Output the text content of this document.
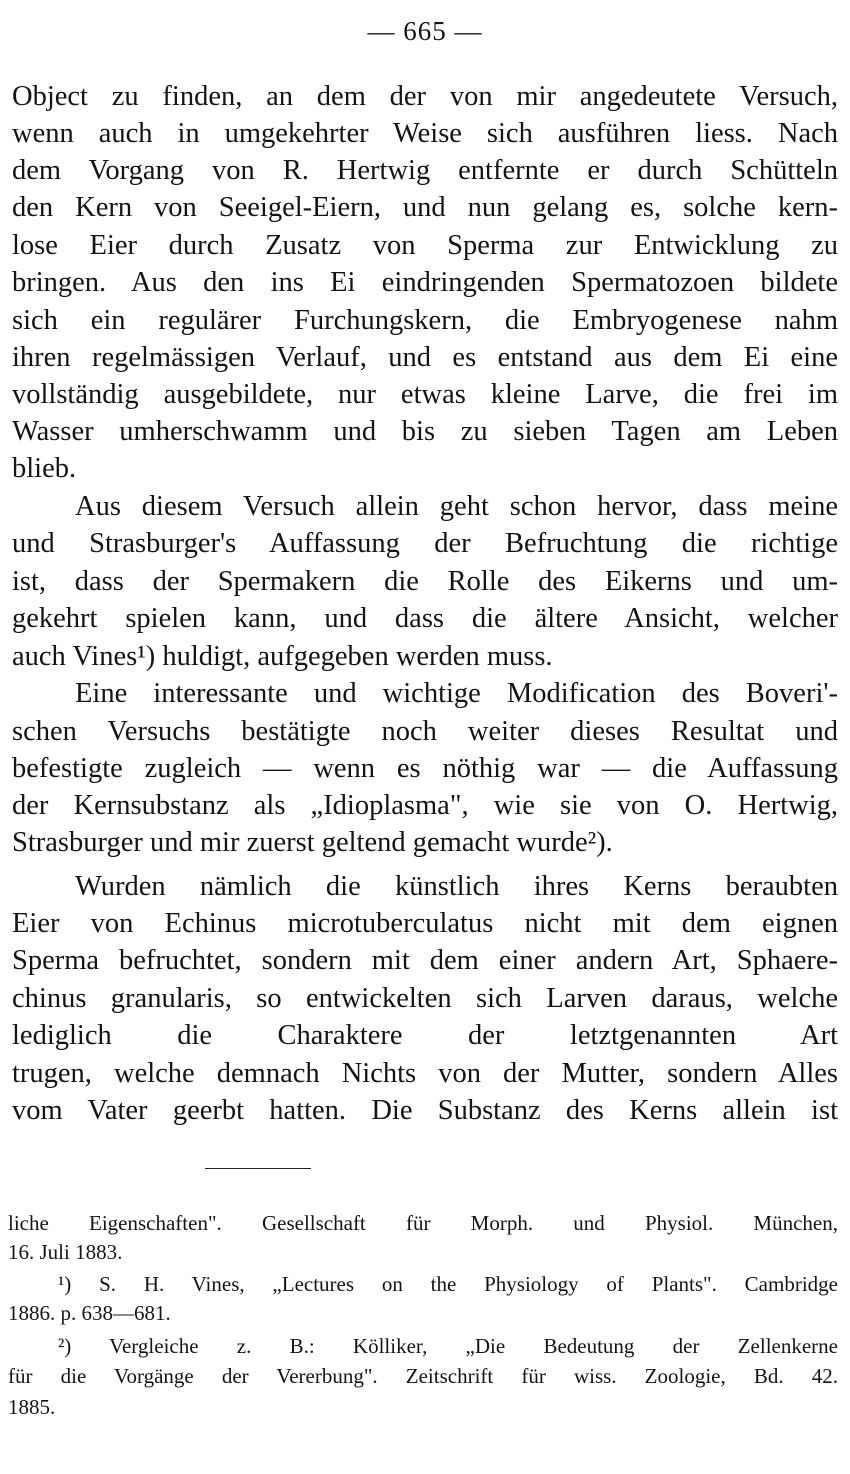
— 665 —
Object zu finden, an dem der von mir angedeutete Versuch,
wenn auch in umgekehrter Weise sich ausführen liess. Nach
dem Vorgang von R. Hertwig entfernte er durch Schütteln
den Kern von Seeigel-Eiern, und nun gelang es, solche kern-
lose Eier durch Zusatz von Sperma zur Entwicklung zu
bringen. Aus den ins Ei eindringenden Spermatozoen bildete
sich ein regulärer Furchungskern, die Embryogenese nahm
ihren regelmässigen Verlauf, und es entstand aus dem Ei eine
vollständig ausgebildete, nur etwas kleine Larve, die frei im
Wasser umherschwamm und bis zu sieben Tagen am Leben
blieb.
Aus diesem Versuch allein geht schon hervor, dass meine
und Strasburger's Auffassung der Befruchtung die richtige
ist, dass der Spermakern die Rolle des Eikerns und um-
gekehrt spielen kann, und dass die ältere Ansicht, welcher
auch Vines¹) huldigt, aufgegeben werden muss.
Eine interessante und wichtige Modification des Boveri'-
schen Versuchs bestätigte noch weiter dieses Resultat und
befestigte zugleich — wenn es nöthig war — die Auffassung
der Kernsubstanz als „Idioplasma", wie sie von O. Hertwig,
Strasburger und mir zuerst geltend gemacht wurde²).
Wurden nämlich die künstlich ihres Kerns beraubten
Eier von Echinus microtuberculatus nicht mit dem eignen
Sperma befruchtet, sondern mit dem einer andern Art, Sphaere-
chinus granularis, so entwickelten sich Larven daraus, welche
lediglich die Charaktere der letztgenannten Art
trugen, welche demnach Nichts von der Mutter, sondern Alles
vom Vater geerbt hatten. Die Substanz des Kerns allein ist
liche Eigenschaften". Gesellschaft für Morph. und Physiol. München,
16. Juli 1883.
¹) S. H. Vines, „Lectures on the Physiology of Plants". Cambridge
1886. p. 638—681.
²) Vergleiche z. B.: Kölliker, „Die Bedeutung der Zellenkerne
für die Vorgänge der Vererbung". Zeitschrift für wiss. Zoologie, Bd. 42.
1885.
